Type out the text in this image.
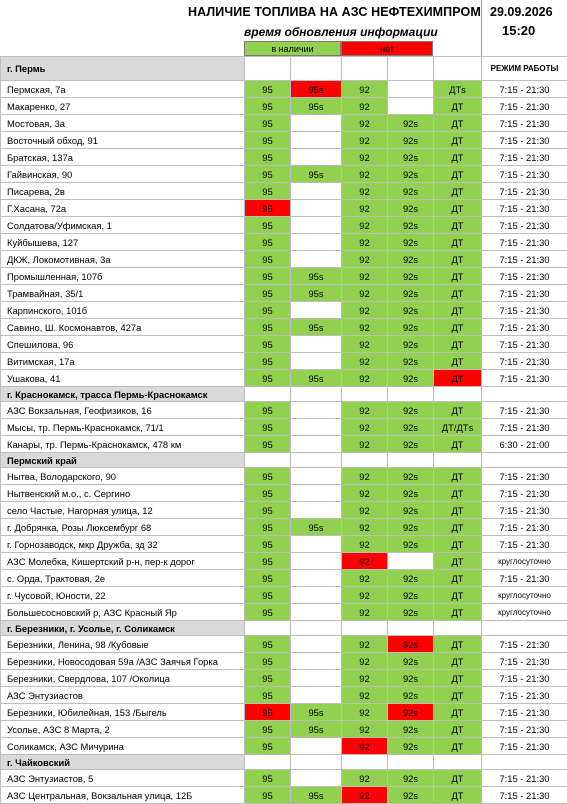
НАЛИЧИЕ ТОПЛИВА НА АЗС НЕФТЕХИМПРОМ 29.09.2026
время обновления информации	15:20
в наличии	нет
г. Пермь						РЕЖИМ РАБОТЫ
Пермская, 7а	95	95s	92		ДТs	7:15 - 21:30
Макаренко, 27	95	95s	92		ДТ	7:15 - 21:30
Мостовая, 3а	95		92	92s	ДТ	7:15 - 21:30
Восточный обход, 91	95		92	92s	ДТ	7:15 - 21:30
Братская, 137а	95		92	92s	ДТ	7:15 - 21:30
Гайвинская, 90	95	95s	92	92s	ДТ	7:15 - 21:30
Писарева, 2в	95		92	92s	ДТ	7:15 - 21:30
Г.Хасана, 72а	95		92	92s	ДТ	7:15 - 21:30
Солдатова/Уфимская, 1	95		92	92s	ДТ	7:15 - 21:30
Куйбышева, 127	95		92	92s	ДТ	7:15 - 21:30
ДКЖ, Локомотивная, 3а	95		92	92s	ДТ	7:15 - 21:30
Промышленная, 107б	95	95s	92	92s	ДТ	7:15 - 21:30
Трамвайная, 35/1	95	95s	92	92s	ДТ	7:15 - 21:30
Карпинского, 101б	95		92	92s	ДТ	7:15 - 21:30
Савино, Ш. Космонавтов, 427а	95	95s	92	92s	ДТ	7:15 - 21:30
Спешилова, 96	95		92	92s	ДТ	7:15 - 21:30
Витимская, 17а	95		92	92s	ДТ	7:15 - 21:30
Ушакова, 41	95	95s	92	92s	ДТ	7:15 - 21:30
г. Краснокамск, трасса Пермь-Краснокамск						
АЗС Вокзальная, Геофизиков, 16	95		92	92s	ДТ	7:15 - 21:30
Мысы, тр. Пермь-Краснокамск, 71/1	95		92	92s	ДТ/ДТs	7:15 - 21:30
Канары, тр. Пермь-Краснокамск, 478 км	95		92	92s	ДТ	6:30 - 21:00
Пермский край						
Нытва, Володарского, 90	95		92	92s	ДТ	7:15 - 21:30
Нытвенский м.о., с. Сергино	95		92	92s	ДТ	7:15 - 21:30
село Частые, Нагорная улица, 12	95		92	92s	ДТ	7:15 - 21:30
г. Добрянка, Розы Люксембург 68	95	95s	92	92s	ДТ	7:15 - 21:30
г. Горнозаводск, мкр Дружба, зд 32	95		92	92s	ДТ	7:15 - 21:30
АЗС Молебка, Кишертский р-н, пер-к дорог	95		92		ДТ	круглосуточно
с. Орда, Трактовая, 2е	95		92	92s	ДТ	7:15 - 21:30
г. Чусовой, Юности, 22	95		92	92s	ДТ	круглосуточно
Большесосновский р, АЗС Красный Яр	95		92	92s	ДТ	круглосуточно
г. Березники, г. Усолье, г. Соликамск						
Березники, Ленина, 98 /Кубовые	95		92	92s	ДТ	7:15 - 21:30
Березники, Новосодовая 59а /АЗС Заячья Горка	95		92	92s	ДТ	7:15 - 21:30
Березники, Свердлова, 107 /Околица	95		92	92s	ДТ	7:15 - 21:30
АЗС Энтузиастов	95		92	92s	ДТ	7:15 - 21:30
Березники, Юбилейная, 153 /Быгель	95	95s	92	92s	ДТ	7:15 - 21:30
Усолье, АЗС 8 Марта, 2	95	95s	92	92s	ДТ	7:15 - 21:30
Соликамск, АЗС Мичурина	95		92	92s	ДТ	7:15 - 21:30
г. Чайковский						
АЗС Энтузиастов, 5	95		92	92s	ДТ	7:15 - 21:30
АЗС Центральная, Вокзальная улица, 12Б	95	95s	92	92s	ДТ	7:15 - 21:30
